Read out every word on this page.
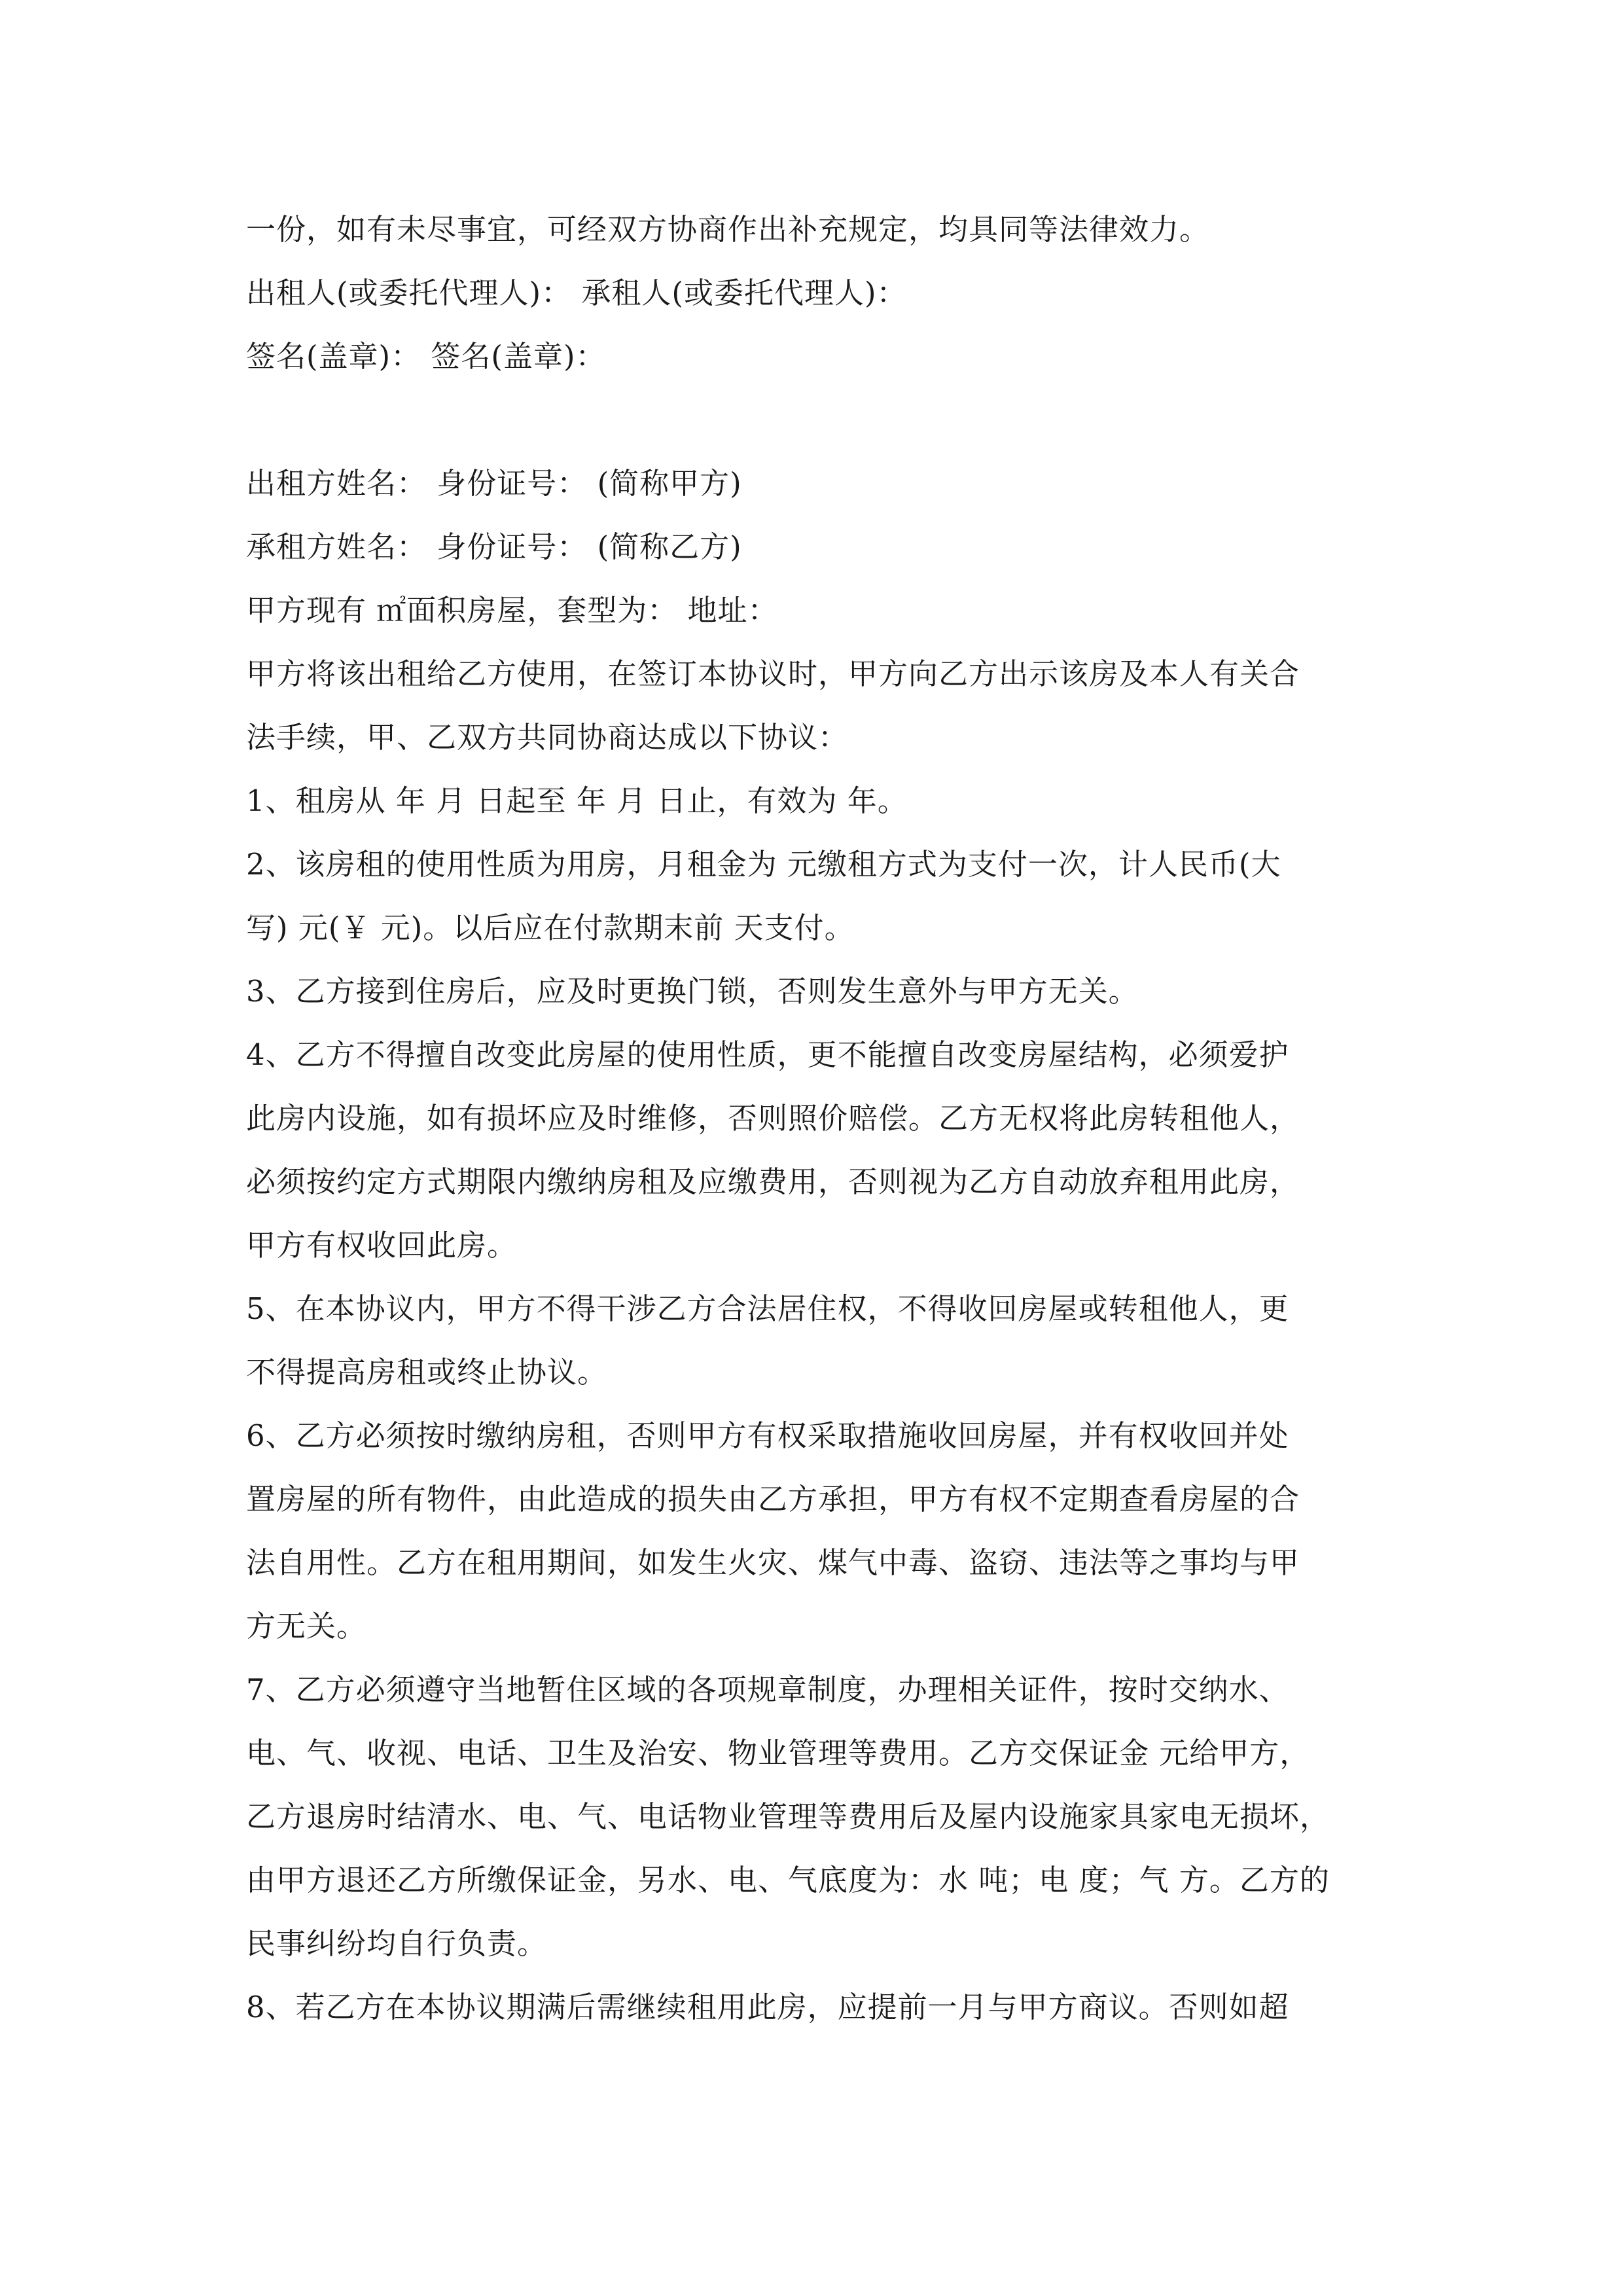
一份，如有未尽事宜，可经双方协商作出补充规定，均具同等法律效力。
出租人(或委托代理人)： 承租人(或委托代理人)：
签名(盖章)： 签名(盖章)：
出租方姓名： 身份证号： (简称甲方)
承租方姓名： 身份证号： (简称乙方)
甲方现有 ㎡面积房屋，套型为： 地址：
甲方将该出租给乙方使用，在签订本协议时，甲方向乙方出示该房及本人有关合
法手续，甲、乙双方共同协商达成以下协议：
1、租房从 年 月 日起至 年 月 日止，有效为 年。
2、该房租的使用性质为用房，月租金为 元缴租方式为支付一次，计人民币(大
写) 元(￥ 元)。以后应在付款期末前 天支付。
3、乙方接到住房后，应及时更换门锁，否则发生意外与甲方无关。
4、乙方不得擅自改变此房屋的使用性质，更不能擅自改变房屋结构，必须爱护
此房内设施，如有损坏应及时维修，否则照价赔偿。乙方无权将此房转租他人，
必须按约定方式期限内缴纳房租及应缴费用，否则视为乙方自动放弃租用此房，
甲方有权收回此房。
5、在本协议内，甲方不得干涉乙方合法居住权，不得收回房屋或转租他人，更
不得提高房租或终止协议。
6、乙方必须按时缴纳房租，否则甲方有权采取措施收回房屋，并有权收回并处
置房屋的所有物件，由此造成的损失由乙方承担，甲方有权不定期查看房屋的合
法自用性。乙方在租用期间，如发生火灾、煤气中毒、盗窃、违法等之事均与甲
方无关。
7、乙方必须遵守当地暂住区域的各项规章制度，办理相关证件，按时交纳水、
电、气、收视、电话、卫生及治安、物业管理等费用。乙方交保证金 元给甲方，
乙方退房时结清水、电、气、电话物业管理等费用后及屋内设施家具家电无损坏，
由甲方退还乙方所缴保证金，另水、电、气底度为：水 吨；电 度；气 方。乙方的
民事纠纷均自行负责。
8、若乙方在本协议期满后需继续租用此房，应提前一月与甲方商议。否则如超
